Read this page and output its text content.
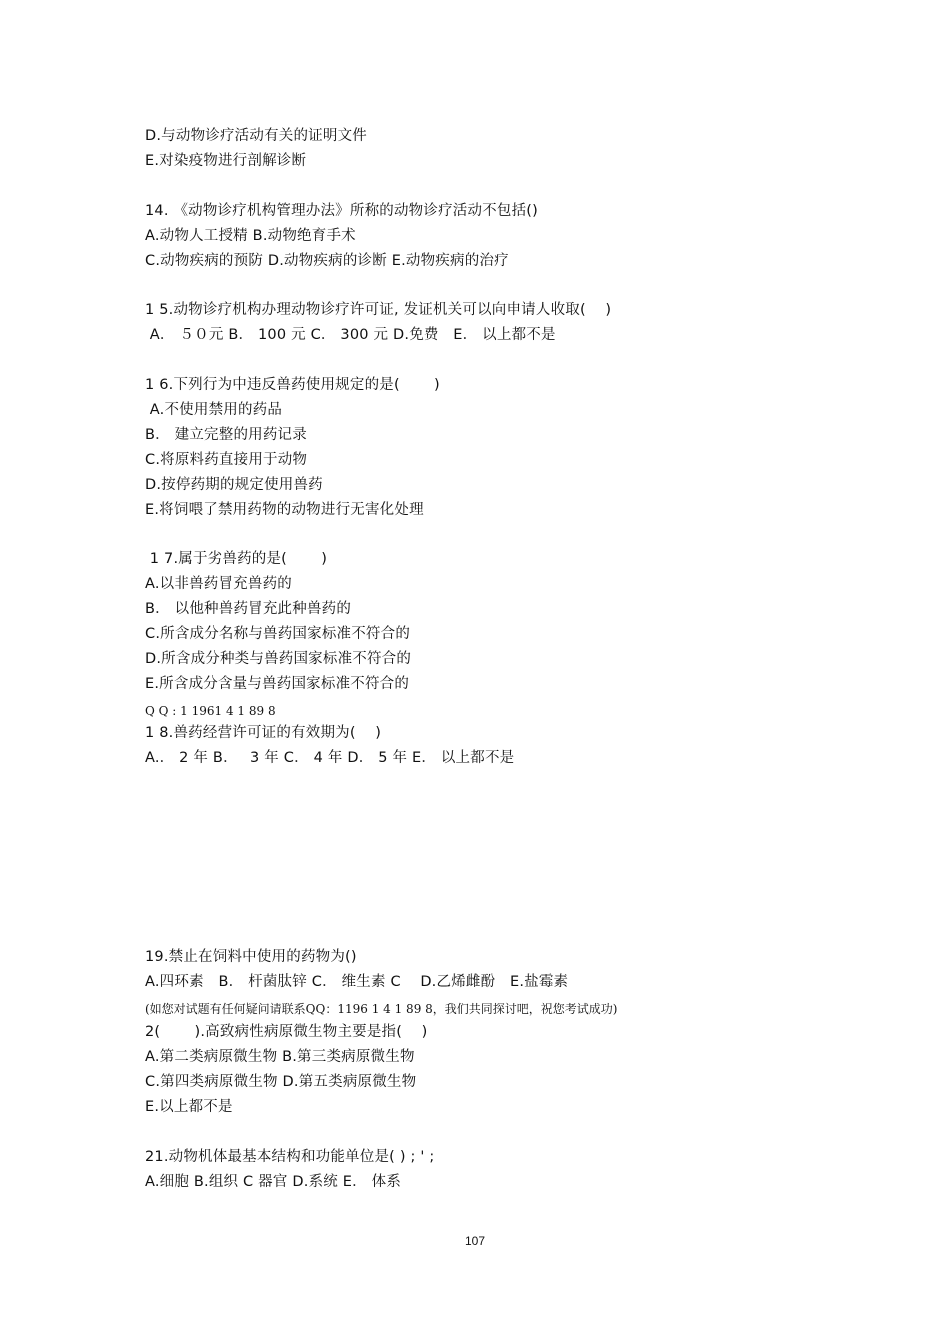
D.与动物诊疗活动有关的证明文件
E.对染疫物进行剖解诊断
14. 《动物诊疗机构管理办法》所称的动物诊疗活动不包括()
A.动物人工授精 B.动物绝育手术
C.动物疾病的预防 D.动物疾病的诊断 E.动物疾病的治疗
1 5.动物诊疗机构办理动物诊疗许可证, 发证机关可以向申请人收取(　 )
A． ５０元 B． 100 元 C． 300 元 D.免费　E． 以上都不是
1 6.下列行为中违反兽药使用规定的是(　　 )
A.不使用禁用的药品
B． 建立完整的用药记录
C.将原料药直接用于动物
D.按停药期的规定使用兽药
E.将饲喂了禁用药物的动物进行无害化处理
1 7.属于劣兽药的是(　　 )
A.以非兽药冒充兽药的
B． 以他种兽药冒充此种兽药的
C.所含成分名称与兽药国家标准不符合的
D.所含成分种类与兽药国家标准不符合的
E.所含成分含量与兽药国家标准不符合的
Q Q : 1 1961 4 1 89 8
1 8.兽药经营许可证的有效期为(　 )
A.． 2 年 B．　 3 年 C． 4 年 D． 5 年 E． 以上都不是
19.禁止在饲料中使用的药物为()
A.四环素　B． 杆菌肽锌 C． 维生素 C　 D.乙烯雌酚　E.盐霉素
(如您对试题有任何疑问请联系QQ：1196 1 4 1 89 8，我们共同探讨吧，祝您考试成功)
2(　　 ).高致病性病原微生物主要是指(　 )
A.第二类病原微生物 B.第三类病原微生物
C.第四类病原微生物 D.第五类病原微生物
E.以上都不是
21.动物机体最基本结构和功能单位是( ) ; ' ;
A.细胞 B.组织 C 器官 D.系统 E． 体系
107
